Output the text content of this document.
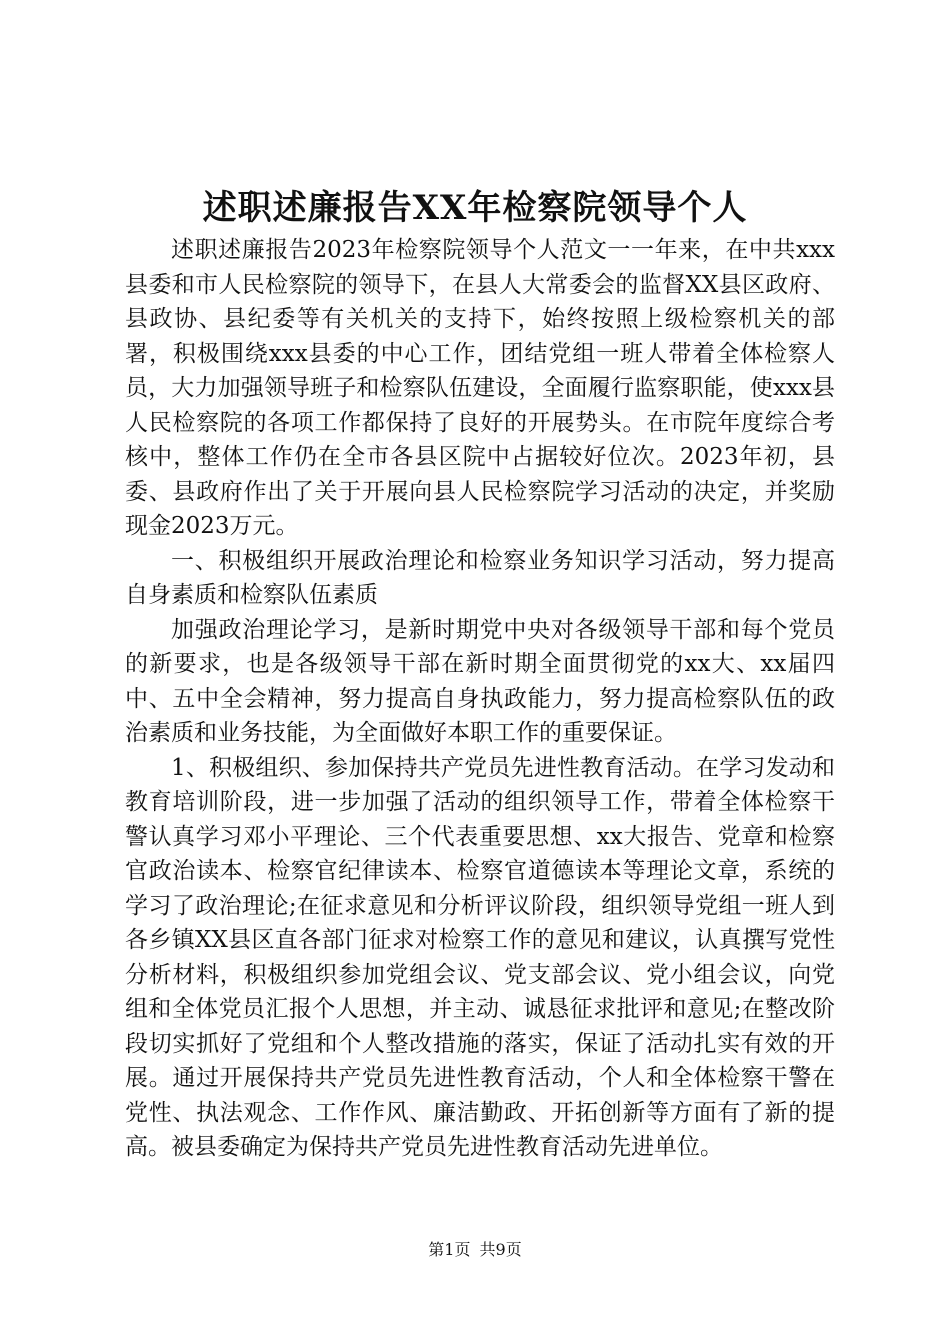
述职述廉报告XX年检察院领导个人

述职述廉报告2023年检察院领导个人范文一一年来，在中共xxx县委和市人民检察院的领导下，在县人大常委会的监督XX县区政府、县政协、县纪委等有关机关的支持下，始终按照上级检察机关的部署，积极围绕xxx县委的中心工作，团结党组一班人带着全体检察人员，大力加强领导班子和检察队伍建设，全面履行监察职能，使xxx县人民检察院的各项工作都保持了良好的开展势头。在市院年度综合考核中，整体工作仍在全市各县区院中占据较好位次。2023年初，县委、县政府作出了关于开展向县人民检察院学习活动的决定，并奖励现金2023万元。

一、积极组织开展政治理论和检察业务知识学习活动，努力提高自身素质和检察队伍素质

加强政治理论学习，是新时期党中央对各级领导干部和每个党员的新要求，也是各级领导干部在新时期全面贯彻党的xx大、xx届四中、五中全会精神，努力提高自身执政能力，努力提高检察队伍的政治素质和业务技能，为全面做好本职工作的重要保证。

1、积极组织、参加保持共产党员先进性教育活动。在学习发动和教育培训阶段，进一步加强了活动的组织领导工作，带着全体检察干警认真学习邓小平理论、三个代表重要思想、xx大报告、党章和检察官政治读本、检察官纪律读本、检察官道德读本等理论文章，系统的学习了政治理论;在征求意见和分析评议阶段，组织领导党组一班人到各乡镇XX县区直各部门征求对检察工作的意见和建议，认真撰写党性分析材料，积极组织参加党组会议、党支部会议、党小组会议，向党组和全体党员汇报个人思想，并主动、诚恳征求批评和意见;在整改阶段切实抓好了党组和个人整改措施的落实，保证了活动扎实有效的开展。通过开展保持共产党员先进性教育活动，个人和全体检察干警在党性、执法观念、工作作风、廉洁勤政、开拓创新等方面有了新的提高。被县委确定为保持共产党员先进性教育活动先进单位。

第1页 共9页
